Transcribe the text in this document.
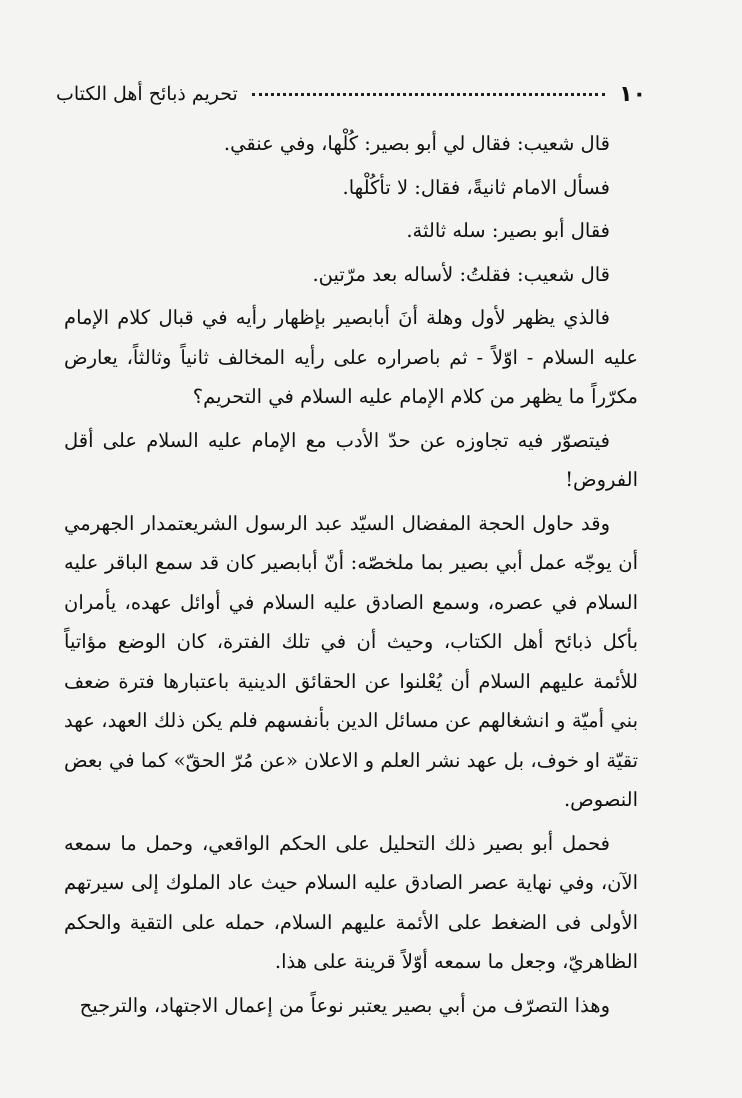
١٠
تحريم ذبائح أهل الكتاب

قال شعيب: فقال لي أبو بصير: كُلْها، وفي عنقي.

فسأل الامام ثانيةً، فقال: لا تأكُلْها.

فقال أبو بصير: سله ثالثة.

قال شعيب: فقلتُ: لأساله بعد مرّتين.

فالذي يظهر لأول وهلة أنَ أبابصير بإظهار رأيه في قبال كلام الإمام عليه السلام - اوّلاً - ثم باصراره على رأيه المخالف ثانياً وثالثاً، يعارض مكرّراً ما يظهر من كلام الإمام عليه السلام في التحريم؟

فيتصوّر فيه تجاوزه عن حدّ الأدب مع الإمام عليه السلام على أقل الفروض!

وقد حاول الحجة المفضال السيّد عبد الرسول الشريعتمدار الجهرمي أن يوجّه عمل أبي بصير بما ملخصّه: أنّ أبابصير كان قد سمع الباقر عليه السلام في عصره، وسمع الصادق عليه السلام في أوائل عهده، يأمران بأكل ذبائح أهل الكتاب، وحيث أن في تلك الفترة، كان الوضع مؤاتياً للأئمة عليهم السلام أن يُعْلنوا عن الحقائق الدينية باعتبارها فترة ضعف بني أميّة و انشغالهم عن مسائل الدين بأنفسهم فلم يكن ذلك العهد، عهد تقيّة او خوف، بل عهد نشر العلم و الاعلان «عن مُرّ الحقّ» كما في بعض النصوص.

فحمل أبو بصير ذلك التحليل على الحكم الواقعي، وحمل ما سمعه الآن، وفي نهاية عصر الصادق عليه السلام حيث عاد الملوك إلى سيرتهم الأولى فى الضغط على الأئمة عليهم السلام، حمله على التقية والحكم الظاهريّ، وجعل ما سمعه أوّلاً قرينة على هذا.

وهذا التصرّف من أبي بصير يعتبر نوعاً من إعمال الاجتهاد، والترجيح
